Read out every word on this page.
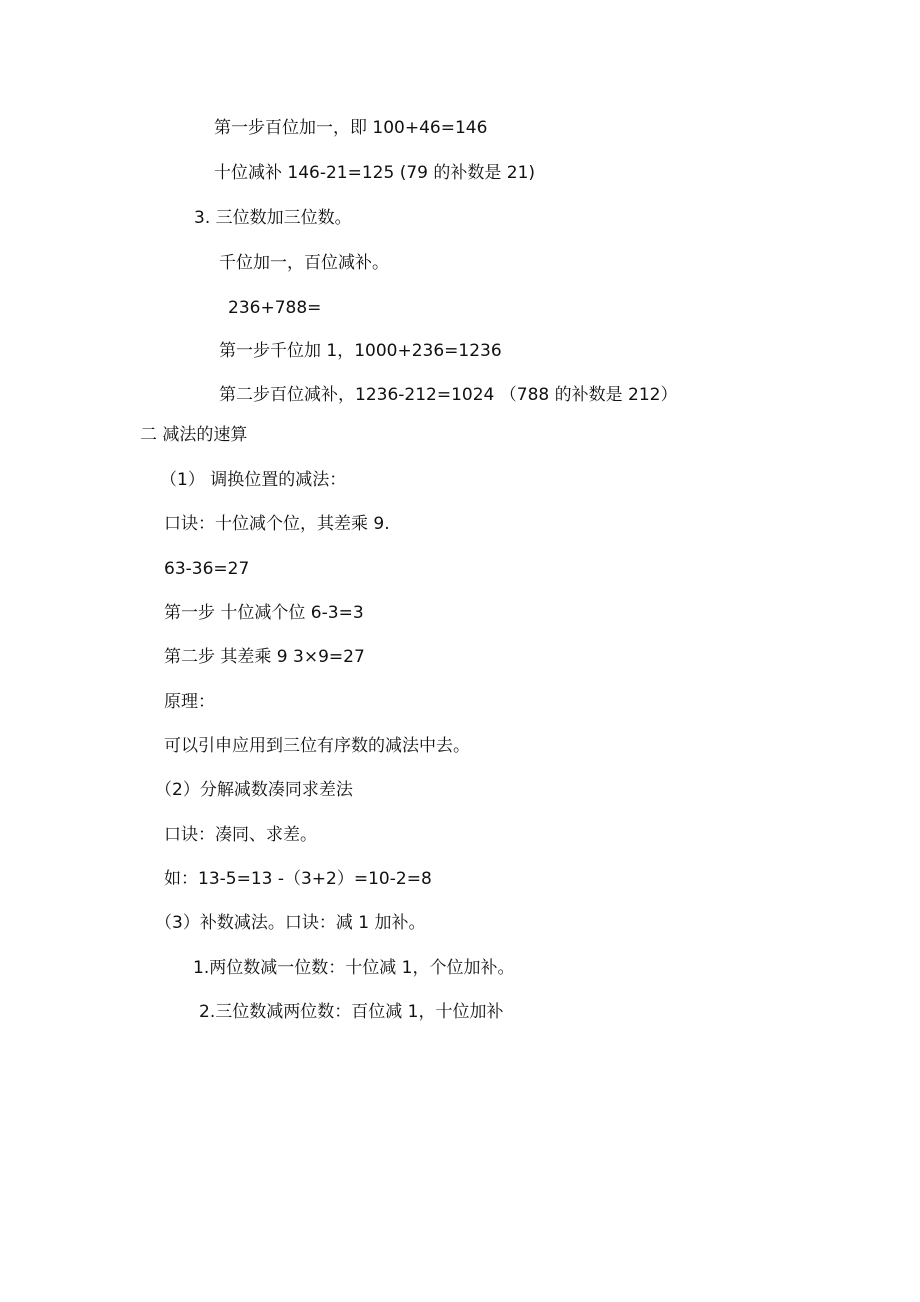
第一步百位加一，即 100+46=146
十位减补 146-21=125 (79 的补数是 21)
3. 三位数加三位数。
千位加一，百位减补。
236+788=
第一步千位加 1，1000+236=1236
第二步百位减补，1236-212=1024 （788 的补数是 212）
二 减法的速算
（1） 调换位置的减法：
口诀：十位减个位，其差乘 9.
63-36=27
第一步 十位减个位 6-3=3
第二步 其差乘 9 3×9=27
原理：
可以引申应用到三位有序数的减法中去。
（2）分解减数凑同求差法
口诀：凑同、求差。
如：13-5=13 -（3+2）=10-2=8
（3）补数减法。口诀：减 1 加补。
1.两位数减一位数：十位减 1，个位加补。
2.三位数减两位数：百位减 1，十位加补
